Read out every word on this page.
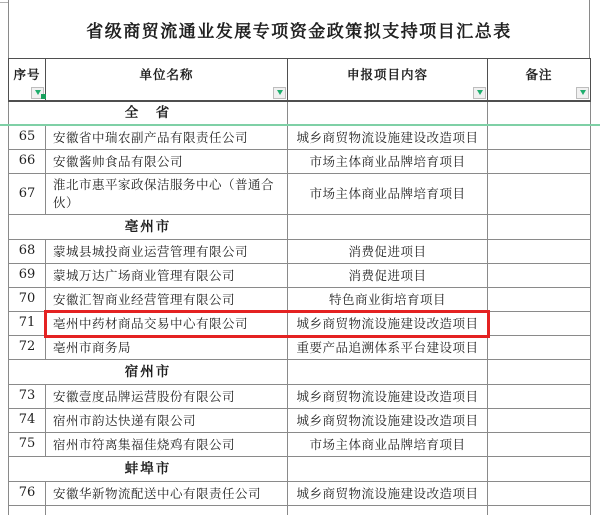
省级商贸流通业发展专项资金政策拟支持项目汇总表
序号	单位名称	申报项目内容	备注

全　省			
65	安徽省中瑞农副产品有限责任公司	城乡商贸物流设施建设改造项目	
66	安徽酱帅食品有限公司	市场主体商业品牌培育项目	
67	淮北市惠平家政保洁服务中心（普通合伙）	市场主体商业品牌培育项目	
亳州市			
68	蒙城县城投商业运营管理有限公司	消费促进项目	
69	蒙城万达广场商业管理有限公司	消费促进项目	
70	安徽汇智商业经营管理有限公司	特色商业街培育项目	
71	亳州中药材商品交易中心有限公司	城乡商贸物流设施建设改造项目	
72	亳州市商务局	重要产品追溯体系平台建设项目	
宿州市			
73	安徽壹度品牌运营股份有限公司	城乡商贸物流设施建设改造项目	
74	宿州市韵达快递有限公司	城乡商贸物流设施建设改造项目	
75	宿州市符离集福佳烧鸡有限公司	市场主体商业品牌培育项目	
蚌埠市			
76	安徽华新物流配送中心有限责任公司	城乡商贸物流设施建设改造项目	
